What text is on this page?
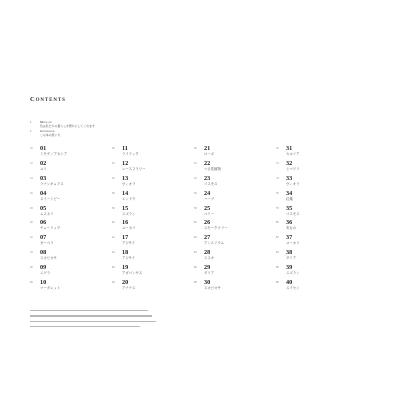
Contents
4	Message
色は私たちの暮らしを豊かにしてくれます
6	Guidebook
この本の使い方
10 01
ミモザ／アカシア
12 02
ユリ
14 03
ラナンキュラス
16 04
スイートピー
18 05
ムスカリ
20 06
チューリップ
22 07
ガーベラ
24 08
スカビオサ
26 09
ニゲラ
28 10
マーガレット
30 11
ライラック
32 12
レースフラワー
34 13
ヴィオラ
36 14
エンドウ
38 15
スズラン
40 16
ユーカリ
42 17
アジサイ
44 18
アジサイ
46 19
アガパンサス
48 20
アナナス
50 21
ローズ
52 22
つる性植物
54 23
コスモス
56 24
ハーブ
58 25
ベリー
60 26
スモークツリー
62 27
アンスリウム
64 28
ススキ
66 29
ダリア
68 30
スカビオサ
70 31
セルリア
72 32
ヒマワリ
74 33
ヴィオラ
76 34
紅葉
78 35
コスモス
80 36
実もの
82 37
ユーカリ
84 38
ダリア
86 39
スズラン
88 40
スイセン
